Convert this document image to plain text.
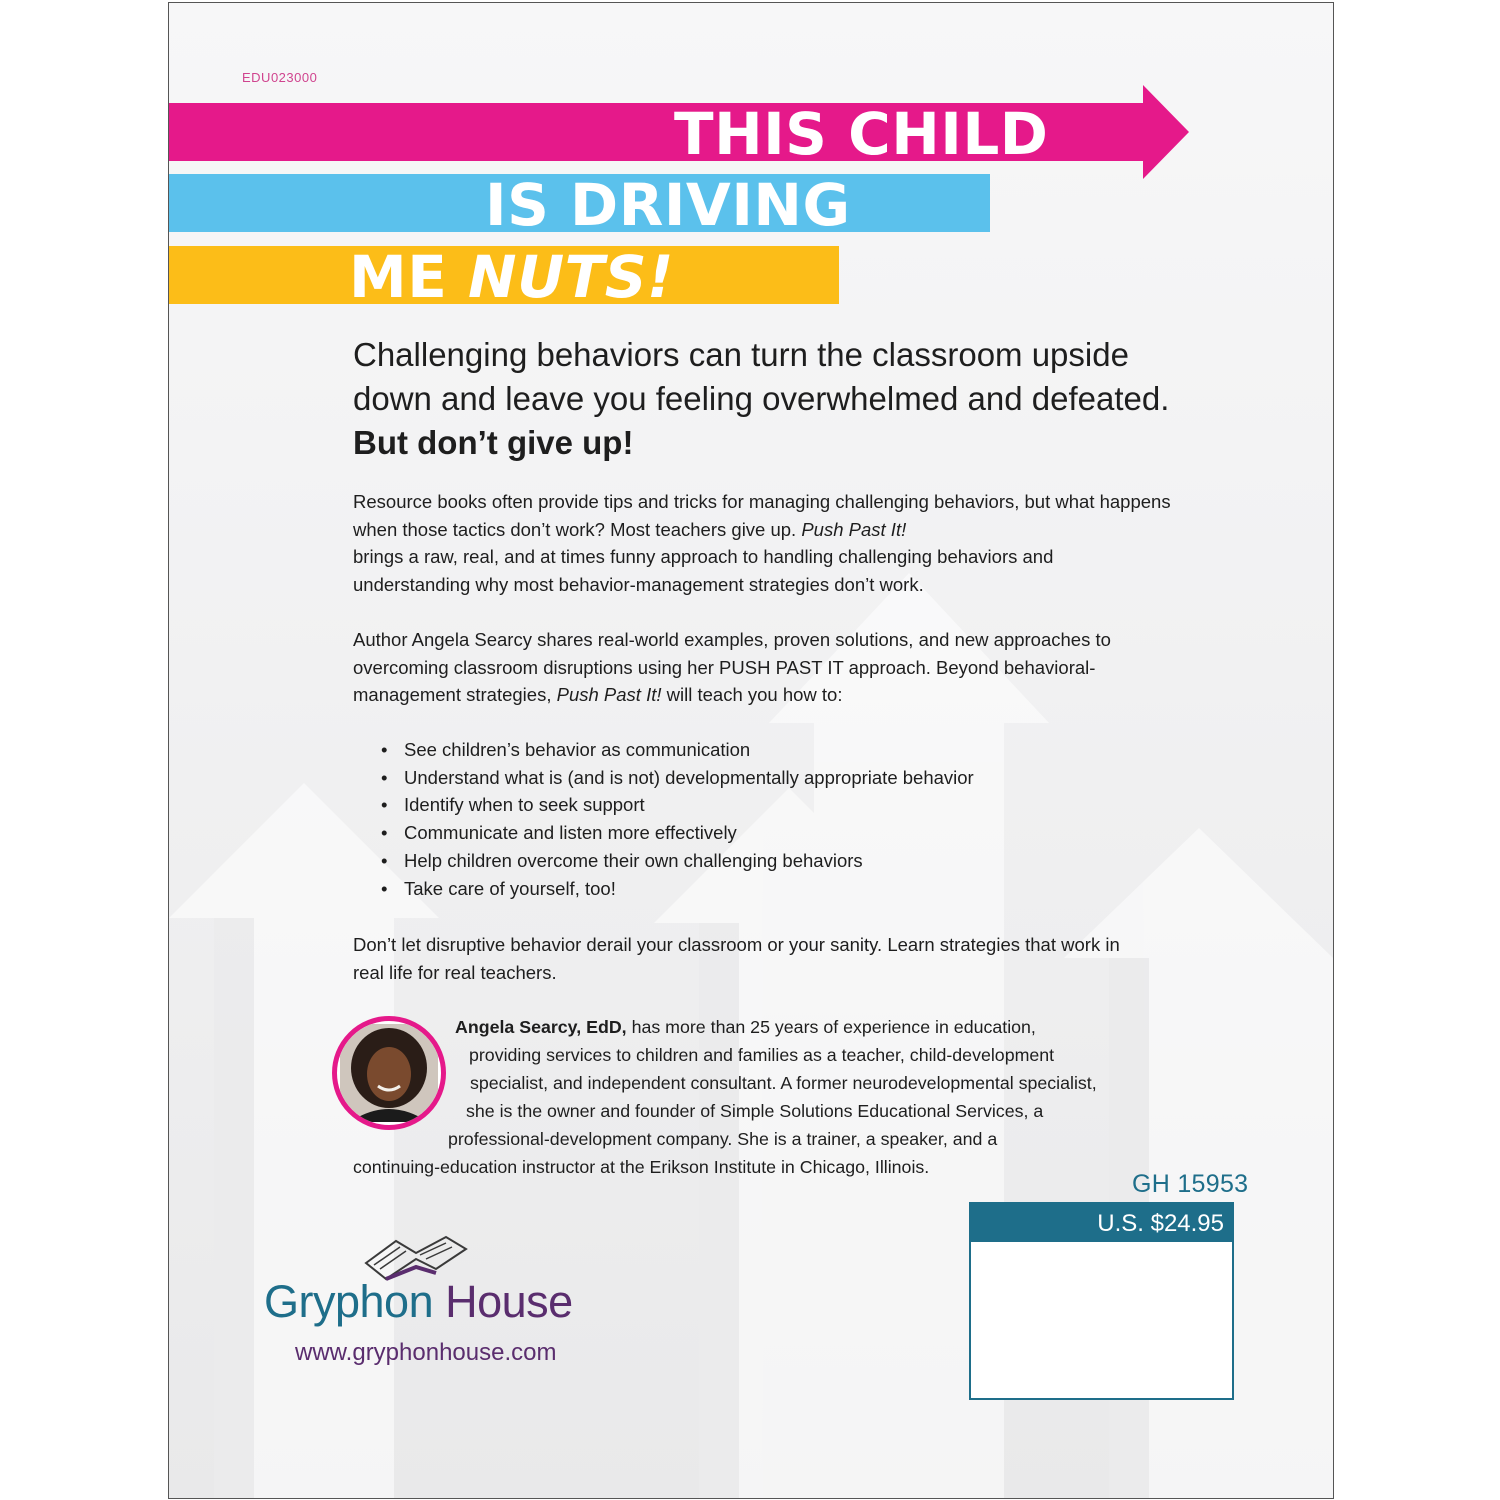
EDU023000
THIS CHILD
IS DRIVING
ME NUTS!

Challenging behaviors can turn the classroom upside down and leave you feeling overwhelmed and defeated. But don’t give up!

Resource books often provide tips and tricks for managing challenging behaviors, but what happens when those tactics don’t work? Most teachers give up. Push Past It!
brings a raw, real, and at times funny approach to handling challenging behaviors and understanding why most behavior-management strategies don’t work.

Author Angela Searcy shares real-world examples, proven solutions, and new approaches to overcoming classroom disruptions using her PUSH PAST IT approach. Beyond behavioral-management strategies, Push Past It! will teach you how to:

• See children’s behavior as communication
• Understand what is (and is not) developmentally appropriate behavior
• Identify when to seek support
• Communicate and listen more effectively
• Help children overcome their own challenging behaviors
• Take care of yourself, too!

Don’t let disruptive behavior derail your classroom or your sanity. Learn strategies that work in real life for real teachers.

Angela Searcy, EdD, has more than 25 years of experience in education,
providing services to children and families as a teacher, child-development
specialist, and independent consultant. A former neurodevelopmental specialist,
she is the owner and founder of Simple Solutions Educational Services, a
professional-development company. She is a trainer, a speaker, and a
continuing-education instructor at the Erikson Institute in Chicago, Illinois.
GH 15953
U.S. $24.95
Gryphon House
www.gryphonhouse.com
